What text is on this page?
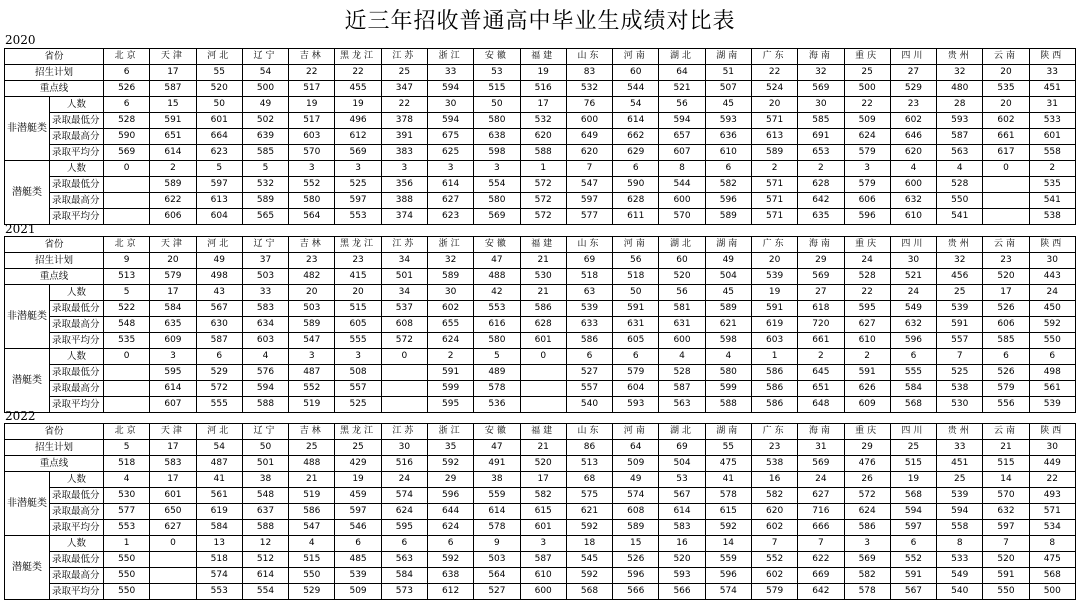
近三年招收普通高中毕业生成绩对比表
2020
省份		北京	天津	河北	辽宁	吉林	黑龙江	江苏	浙江	安徽	福建	山东	河南	湖北	湖南	广东	海南	重庆	四川	贵州	云南	陕西
招生计划		6	17	55	54	22	22	25	33	53	19	83	60	64	51	22	32	25	27	32	20	33
重点线		526	587	520	500	517	455	347	594	515	516	532	544	521	507	524	569	500	529	480	535	451
非潜艇类	人数	6	15	50	49	19	19	22	30	50	17	76	54	56	45	20	30	22	23	28	20	31
	录取最低分	528	591	601	502	517	496	378	594	580	532	600	614	594	593	571	585	509	602	593	602	533
	录取最高分	590	651	664	639	603	612	391	675	638	620	649	662	657	636	613	691	624	646	587	661	601
	录取平均分	569	614	623	585	570	569	383	625	598	588	620	629	607	610	589	653	579	620	563	617	558
潜艇类	人数	0	2	5	5	3	3	3	3	3	1	7	6	8	6	2	2	3	4	4	0	2
	录取最低分		589	597	532	552	525	356	614	554	572	547	590	544	582	571	628	579	600	528		535
	录取最高分		622	613	589	580	597	388	627	580	572	597	628	600	596	571	642	606	632	550		541
	录取平均分		606	604	565	564	553	374	623	569	572	577	611	570	589	571	635	596	610	541		538
2021
省份		北京	天津	河北	辽宁	吉林	黑龙江	江苏	浙江	安徽	福建	山东	河南	湖北	湖南	广东	海南	重庆	四川	贵州	云南	陕西
招生计划		9	20	49	37	23	23	34	32	47	21	69	56	60	49	20	29	24	30	32	23	30
重点线		513	579	498	503	482	415	501	589	488	530	518	518	520	504	539	569	528	521	456	520	443
非潜艇类	人数	5	17	43	33	20	20	34	30	42	21	63	50	56	45	19	27	22	24	25	17	24
	录取最低分	522	584	567	583	503	515	537	602	553	586	539	591	581	589	591	618	595	549	539	526	450
	录取最高分	548	635	630	634	589	605	608	655	616	628	633	631	631	621	619	720	627	632	591	606	592
	录取平均分	535	609	587	603	547	555	572	624	580	601	586	605	600	598	603	661	610	596	557	585	550
潜艇类	人数	0	3	6	4	3	3	0	2	5	0	6	6	4	4	1	2	2	6	7	6	6
	录取最低分		595	529	576	487	508		591	489		527	579	528	580	586	645	591	555	525	526	498
	录取最高分		614	572	594	552	557		599	578		557	604	587	599	586	651	626	584	538	579	561
	录取平均分		607	555	588	519	525		595	536		540	593	563	588	586	648	609	568	530	556	539
2022
省份		北京	天津	河北	辽宁	吉林	黑龙江	江苏	浙江	安徽	福建	山东	河南	湖北	湖南	广东	海南	重庆	四川	贵州	云南	陕西
招生计划		5	17	54	50	25	25	30	35	47	21	86	64	69	55	23	31	29	25	33	21	30
重点线		518	583	487	501	488	429	516	592	491	520	513	509	504	475	538	569	476	515	451	515	449
非潜艇类	人数	4	17	41	38	21	19	24	29	38	17	68	49	53	41	16	24	26	19	25	14	22
	录取最低分	530	601	561	548	519	459	574	596	559	582	575	574	567	578	582	627	572	568	539	570	493
	录取最高分	577	650	619	637	586	597	624	644	614	615	621	608	614	615	620	716	624	594	594	632	571
	录取平均分	553	627	584	588	547	546	595	624	578	601	592	589	583	592	602	666	586	597	558	597	534
潜艇类	人数	1	0	13	12	4	6	6	6	9	3	18	15	16	14	7	7	3	6	8	7	8
	录取最低分	550		518	512	515	485	563	592	503	587	545	526	520	559	552	622	569	552	533	520	475
	录取最高分	550		574	614	550	539	584	638	564	610	592	596	593	596	602	669	582	591	549	591	568
	录取平均分	550		553	554	529	509	573	612	527	600	568	566	566	574	579	642	578	567	540	550	500
